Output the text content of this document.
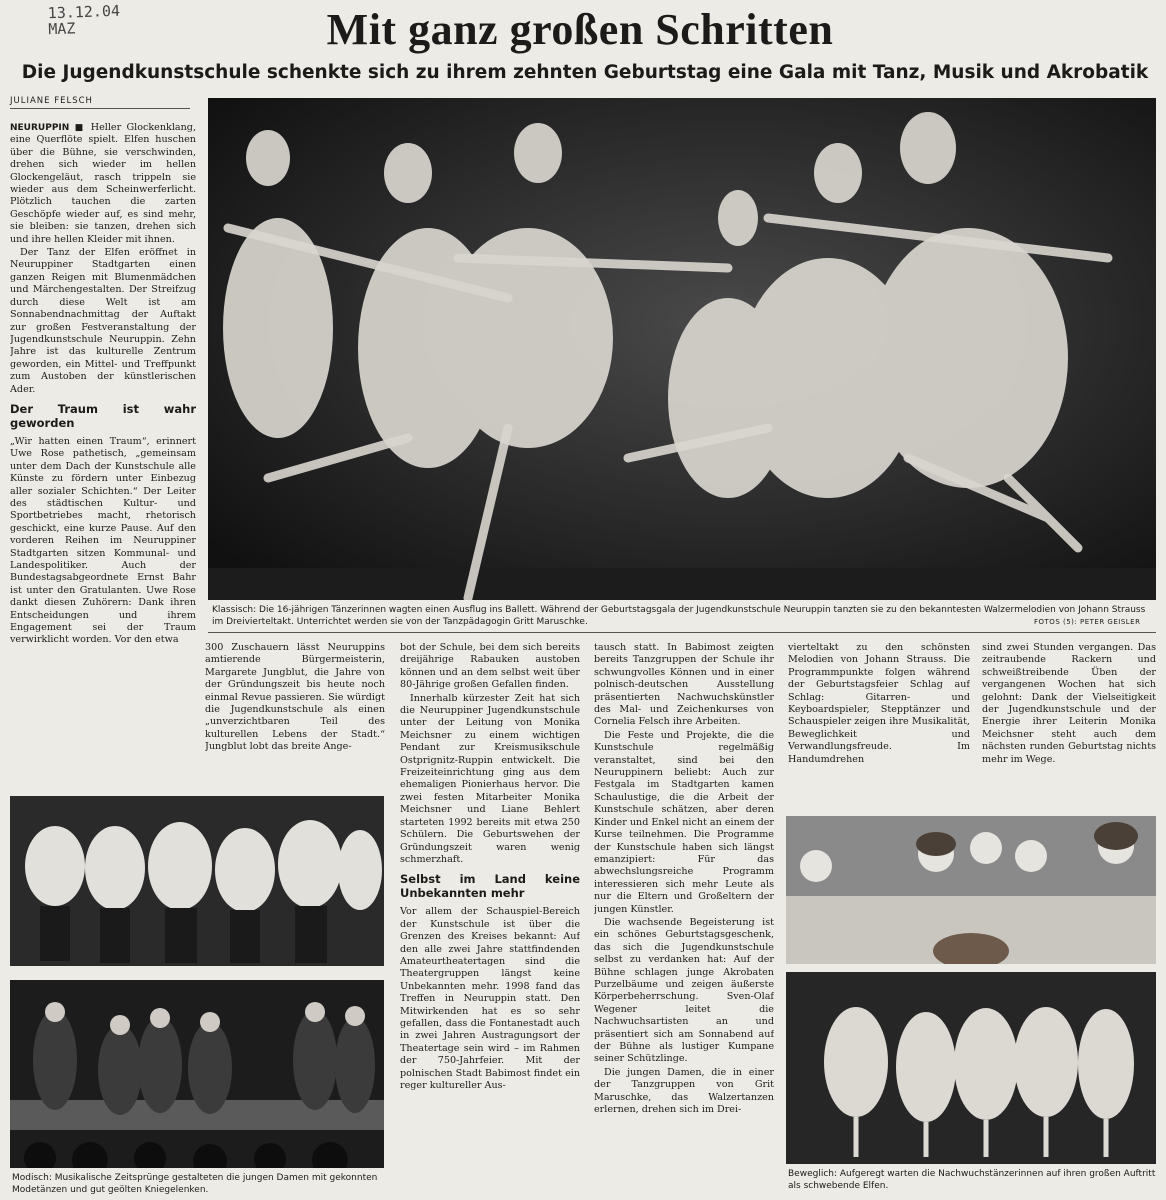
13.12.04
MAZ	Mit ganz großen Schritten
Die Jugendkunstschule schenkte sich zu ihrem zehnten Geburtstag eine Gala mit Tanz, Musik und Akrobatik
JULIANE FELSCH

NEURUPPIN ■ Heller Glockenklang, eine Querflöte spielt. Elfen huschen über die Bühne, sie verschwinden, drehen sich wieder im hellen Glockengeläut, rasch trippeln sie wieder aus dem Scheinwerferlicht. Plötzlich tauchen die zarten Geschöpfe wieder auf, es sind mehr, sie bleiben: sie tanzen, drehen sich und ihre hellen Kleider mit ihnen.

Der Tanz der Elfen eröffnet in Neuruppiner Stadtgarten einen ganzen Reigen mit Blumenmädchen und Märchengestalten. Der Streifzug durch diese Welt ist am Sonnabendnachmittag der Auftakt zur großen Festveranstaltung der Jugendkunstschule Neuruppin. Zehn Jahre ist das kulturelle Zentrum geworden, ein Mittel- und Treffpunkt zum Austoben der künstlerischen Ader.

Der Traum ist wahr geworden

„Wir hatten einen Traum“, erinnert Uwe Rose pathetisch, „gemeinsam unter dem Dach der Kunstschule alle Künste zu fördern unter Einbezug aller sozialer Schichten.“ Der Leiter des städtischen Kultur- und Sportbetriebes macht, rhetorisch geschickt, eine kurze Pause. Auf den vorderen Reihen im Neuruppiner Stadtgarten sitzen Kommunal- und Landespolitiker. Auch der Bundestagsabgeordnete Ernst Bahr ist unter den Gratulanten. Uwe Rose dankt diesen Zuhörern: Dank ihren Entscheidungen und ihrem Engagement sei der Traum verwirklicht worden. Vor den etwa

Klassisch: Die 16-jährigen Tänzerinnen wagten einen Ausflug ins Ballett. Während der Geburtstagsgala der Jugendkunstschule Neuruppin tanzten sie zu den bekanntesten Walzermelodien von Johann Strauss im Dreivierteltakt. Unterrichtet werden sie von der Tanzpädagogin Gritt Maruschke.	FOTOS (5): PETER GEISLER

300 Zuschauern lässt Neuruppins amtierende Bürgermeisterin, Margarete Jungblut, die Jahre von der Gründungszeit bis heute noch einmal Revue passieren. Sie würdigt die Jugendkunstschule als einen „unverzichtbaren Teil des kulturellen Lebens der Stadt.“ Jungblut lobt das breite Ange-

bot der Schule, bei dem sich bereits dreijährige Rabauken austoben können und an dem selbst weit über 80-Jährige großen Gefallen finden.

Innerhalb kürzester Zeit hat sich die Neuruppiner Jugendkunstschule unter der Leitung von Monika Meichsner zu einem wichtigen Pendant zur Kreismusikschule Ostprignitz-Ruppin entwickelt. Die Freizeiteinrichtung ging aus dem ehemaligen Pionierhaus hervor. Die zwei festen Mitarbeiter Monika Meichsner und Liane Behlert starteten 1992 bereits mit etwa 250 Schülern. Die Geburtswehen der Gründungszeit waren wenig schmerzhaft.

Selbst im Land keine Unbekannten mehr

Vor allem der Schauspiel-Bereich der Kunstschule ist über die Grenzen des Kreises bekannt: Auf den alle zwei Jahre stattfindenden Amateurtheatertagen sind die Theatergruppen längst keine Unbekannten mehr. 1998 fand das Treffen in Neuruppin statt. Den Mitwirkenden hat es so sehr gefallen, dass die Fontanestadt auch in zwei Jahren Austragungsort der Theatertage sein wird – im Rahmen der 750-Jahrfeier. Mit der polnischen Stadt Babimost findet ein reger kultureller Aus-

tausch statt. In Babimost zeigten bereits Tanzgruppen der Schule ihr schwungvolles Können und in einer polnisch-deutschen Ausstellung präsentierten Nachwuchskünstler des Mal- und Zeichenkurses von Cornelia Felsch ihre Arbeiten.

Die Feste und Projekte, die die Kunstschule regelmäßig veranstaltet, sind bei den Neuruppinern beliebt: Auch zur Festgala im Stadtgarten kamen Schaulustige, die die Arbeit der Kunstschule schätzen, aber deren Kinder und Enkel nicht an einem der Kurse teilnehmen. Die Programme der Kunstschule haben sich längst emanzipiert: Für das abwechslungsreiche Programm interessieren sich mehr Leute als nur die Eltern und Großeltern der jungen Künstler.

Die wachsende Begeisterung ist ein schönes Geburtstagsgeschenk, das sich die Jugendkunstschule selbst zu verdanken hat: Auf der Bühne schlagen junge Akrobaten Purzelbäume und zeigen äußerste Körperbeherrschung. Sven-Olaf Wegener leitet die Nachwuchsartisten an und präsentiert sich am Sonnabend auf der Bühne als lustiger Kumpane seiner Schützlinge.

Die jungen Damen, die in einer der Tanzgruppen von Grit Maruschke, das Walzertanzen erlernen, drehen sich im Drei-

vierteltakt zu den schönsten Melodien von Johann Strauss. Die Programmpunkte folgen während der Geburtstagsfeier Schlag auf Schlag: Gitarren- und Keyboardspieler, Stepptänzer und Schauspieler zeigen ihre Musikalität, Beweglichkeit und Verwandlungsfreude. Im Handumdrehen

sind zwei Stunden vergangen. Das zeitraubende Rackern und schweißtreibende Üben der vergangenen Wochen hat sich gelohnt: Dank der Vielseitigkeit der Jugendkunstschule und der Energie ihrer Leiterin Monika Meichsner steht auch dem nächsten runden Geburtstag nichts mehr im Wege.

Modisch: Musikalische Zeitsprünge gestalteten die jungen Damen mit gekonnten Modetänzen und gut geölten Kniegelenken.
Beweglich: Aufgeregt warten die Nachwuchstänzerinnen auf ihren großen Auftritt als schwebende Elfen.
